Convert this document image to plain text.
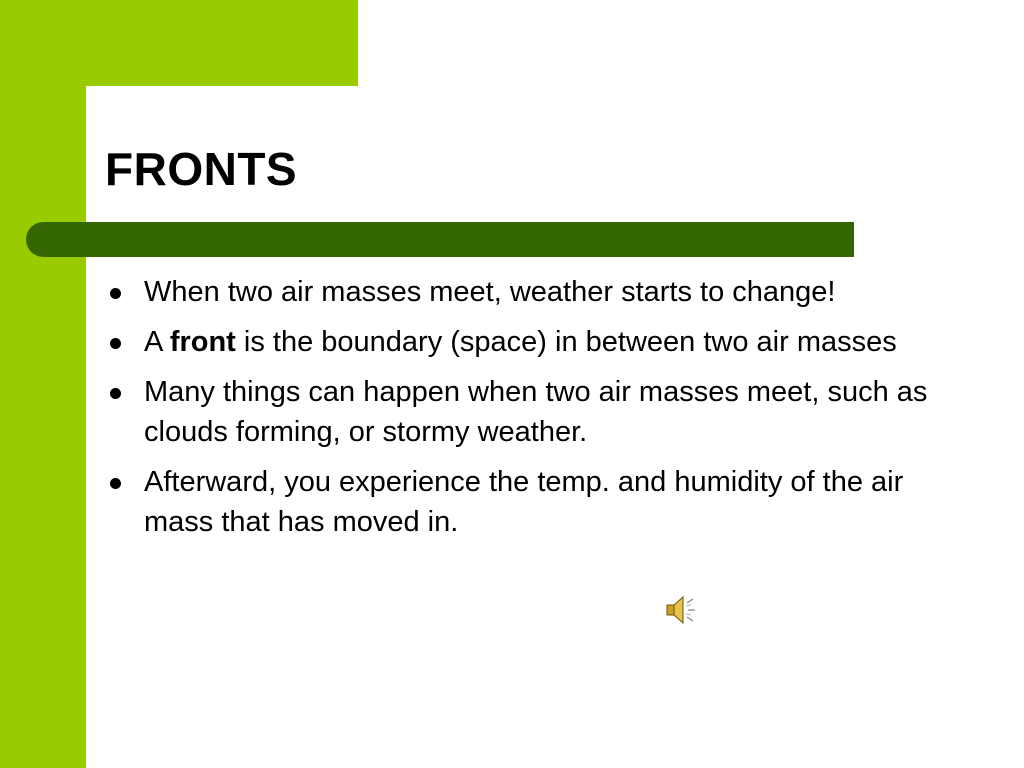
FRONTS
When two air masses meet, weather starts to change!
A front is the boundary (space) in between two air masses
Many things can happen when two air masses meet, such as clouds forming, or stormy weather.
Afterward, you experience the temp. and humidity of the air mass that has moved in.
